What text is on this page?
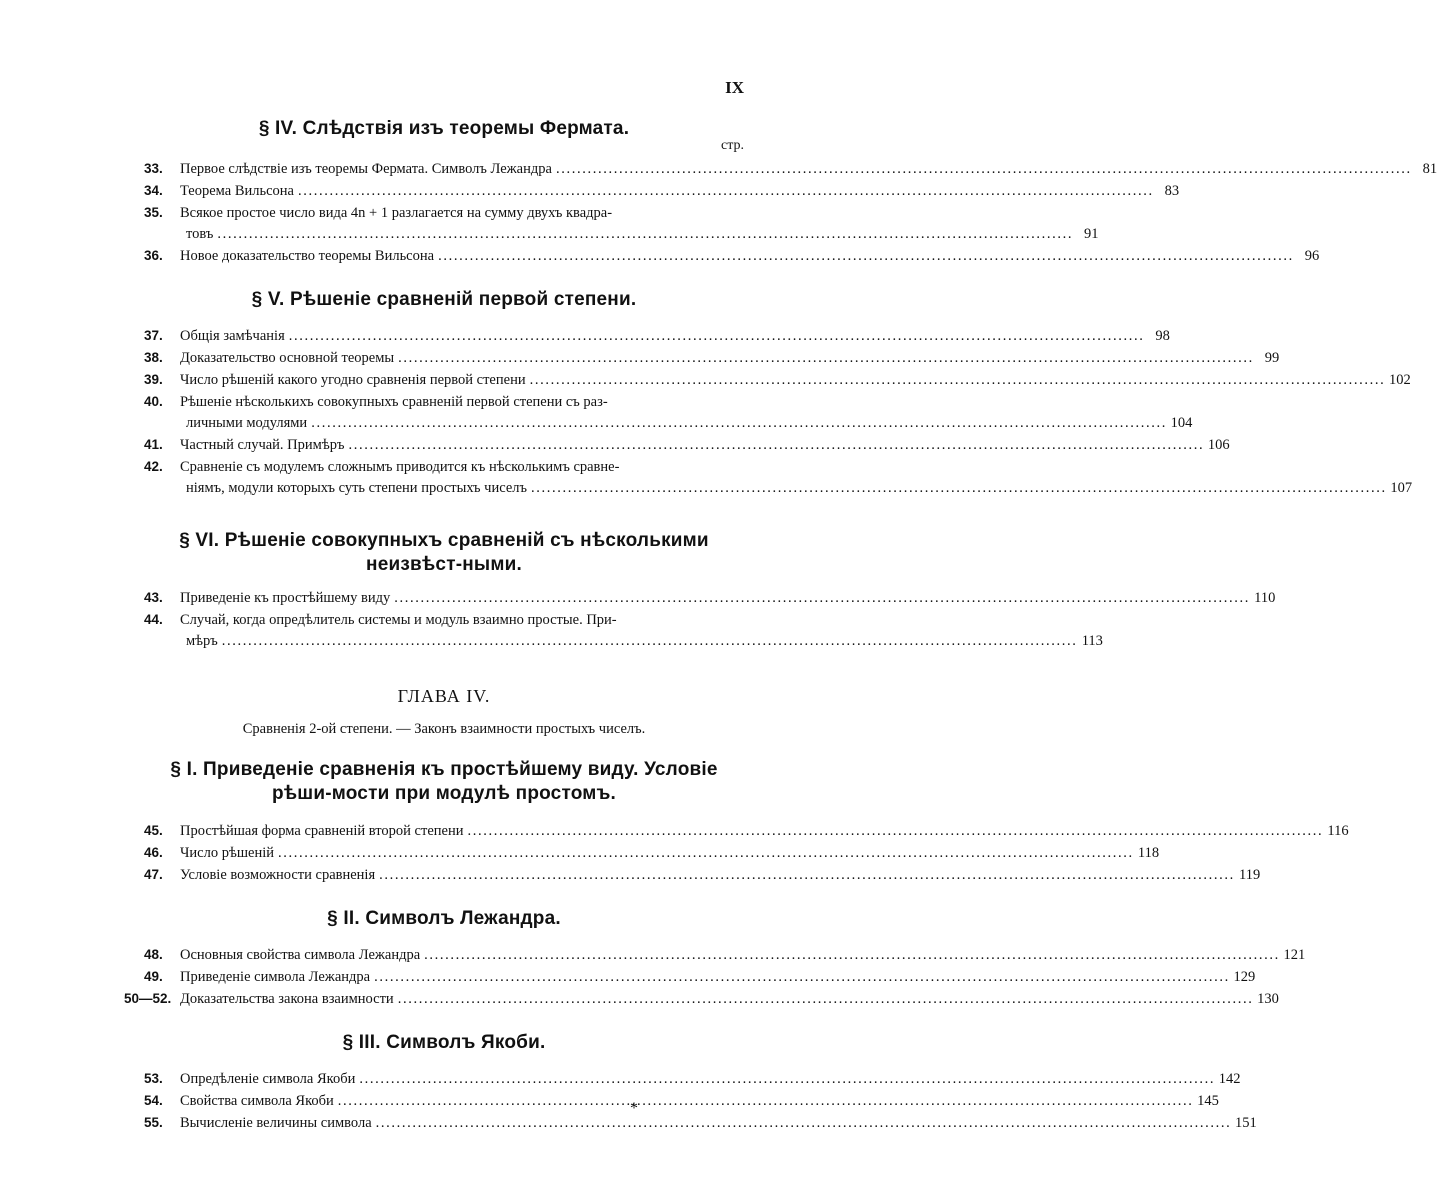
IX
§ IV. Слѣдствія изъ теоремы Ферматa.
стр.
33.	Первое слѣдствіе изъ теоремы Ферматa. Символъ Лежандра . . .	81
34.	Теорема Вильсона . . .	83
35.	Всякое простое число вида 4n + 1 разлагается на сумму двухъ квадра-
товъ . . .	91
36.	Новое доказательство теоремы Вильсона . . .	96
§ V. Рѣшеніе сравненій первой степени.
37.	Общія замѣчанія . . .	98
38.	Доказательство основной теоремы . . .	99
39.	Число рѣшеній какого угодно сравненія первой степени . . .	102
40.	Рѣшеніе нѣсколькихъ совокупныхъ сравненій первой степени съ раз-
личными модулями . . .	104
41.	Частный случай. Примѣръ . . .	106
42.	Сравненіе съ модулемъ сложнымъ приводится къ нѣсколькимъ сравне-
ніямъ, модули которыхъ суть степени простыхъ чиселъ . . .	107
§ VI. Рѣшеніе совокупныхъ сравненій съ нѣсколькими неизвѣст-ными.
43.	Приведеніе къ простѣйшему виду . . .	110
44.	Случай, когда опредѣлитель системы и модуль взаимно простые. При-
мѣръ . . .	113
ГЛАВА IV.
Сравненія 2-ой степени. — Законъ взаимности простыхъ чиселъ.
§ I. Приведеніе сравненія къ простѣйшему виду. Условіе рѣши-мости при модулѣ простомъ.
45.	Простѣйшая форма сравненій второй степени . . .	116
46.	Число рѣшеній . . .	118
47.	Условіе возможности сравненія . . .	119
§ II. Символъ Лежандра.
48.	Основныя свойства символа Лежандра . . .	121
49.	Приведеніе символа Лежандра . . .	129
50—52. Доказательства закона взаимности . . .	130
§ III. Символъ Якоби.
53.	Опредѣленіе символа Якоби . . .	142
54.	Свойства символа Якоби . . .	145
55.	Вычисленіе величины символа . . .	151
*
